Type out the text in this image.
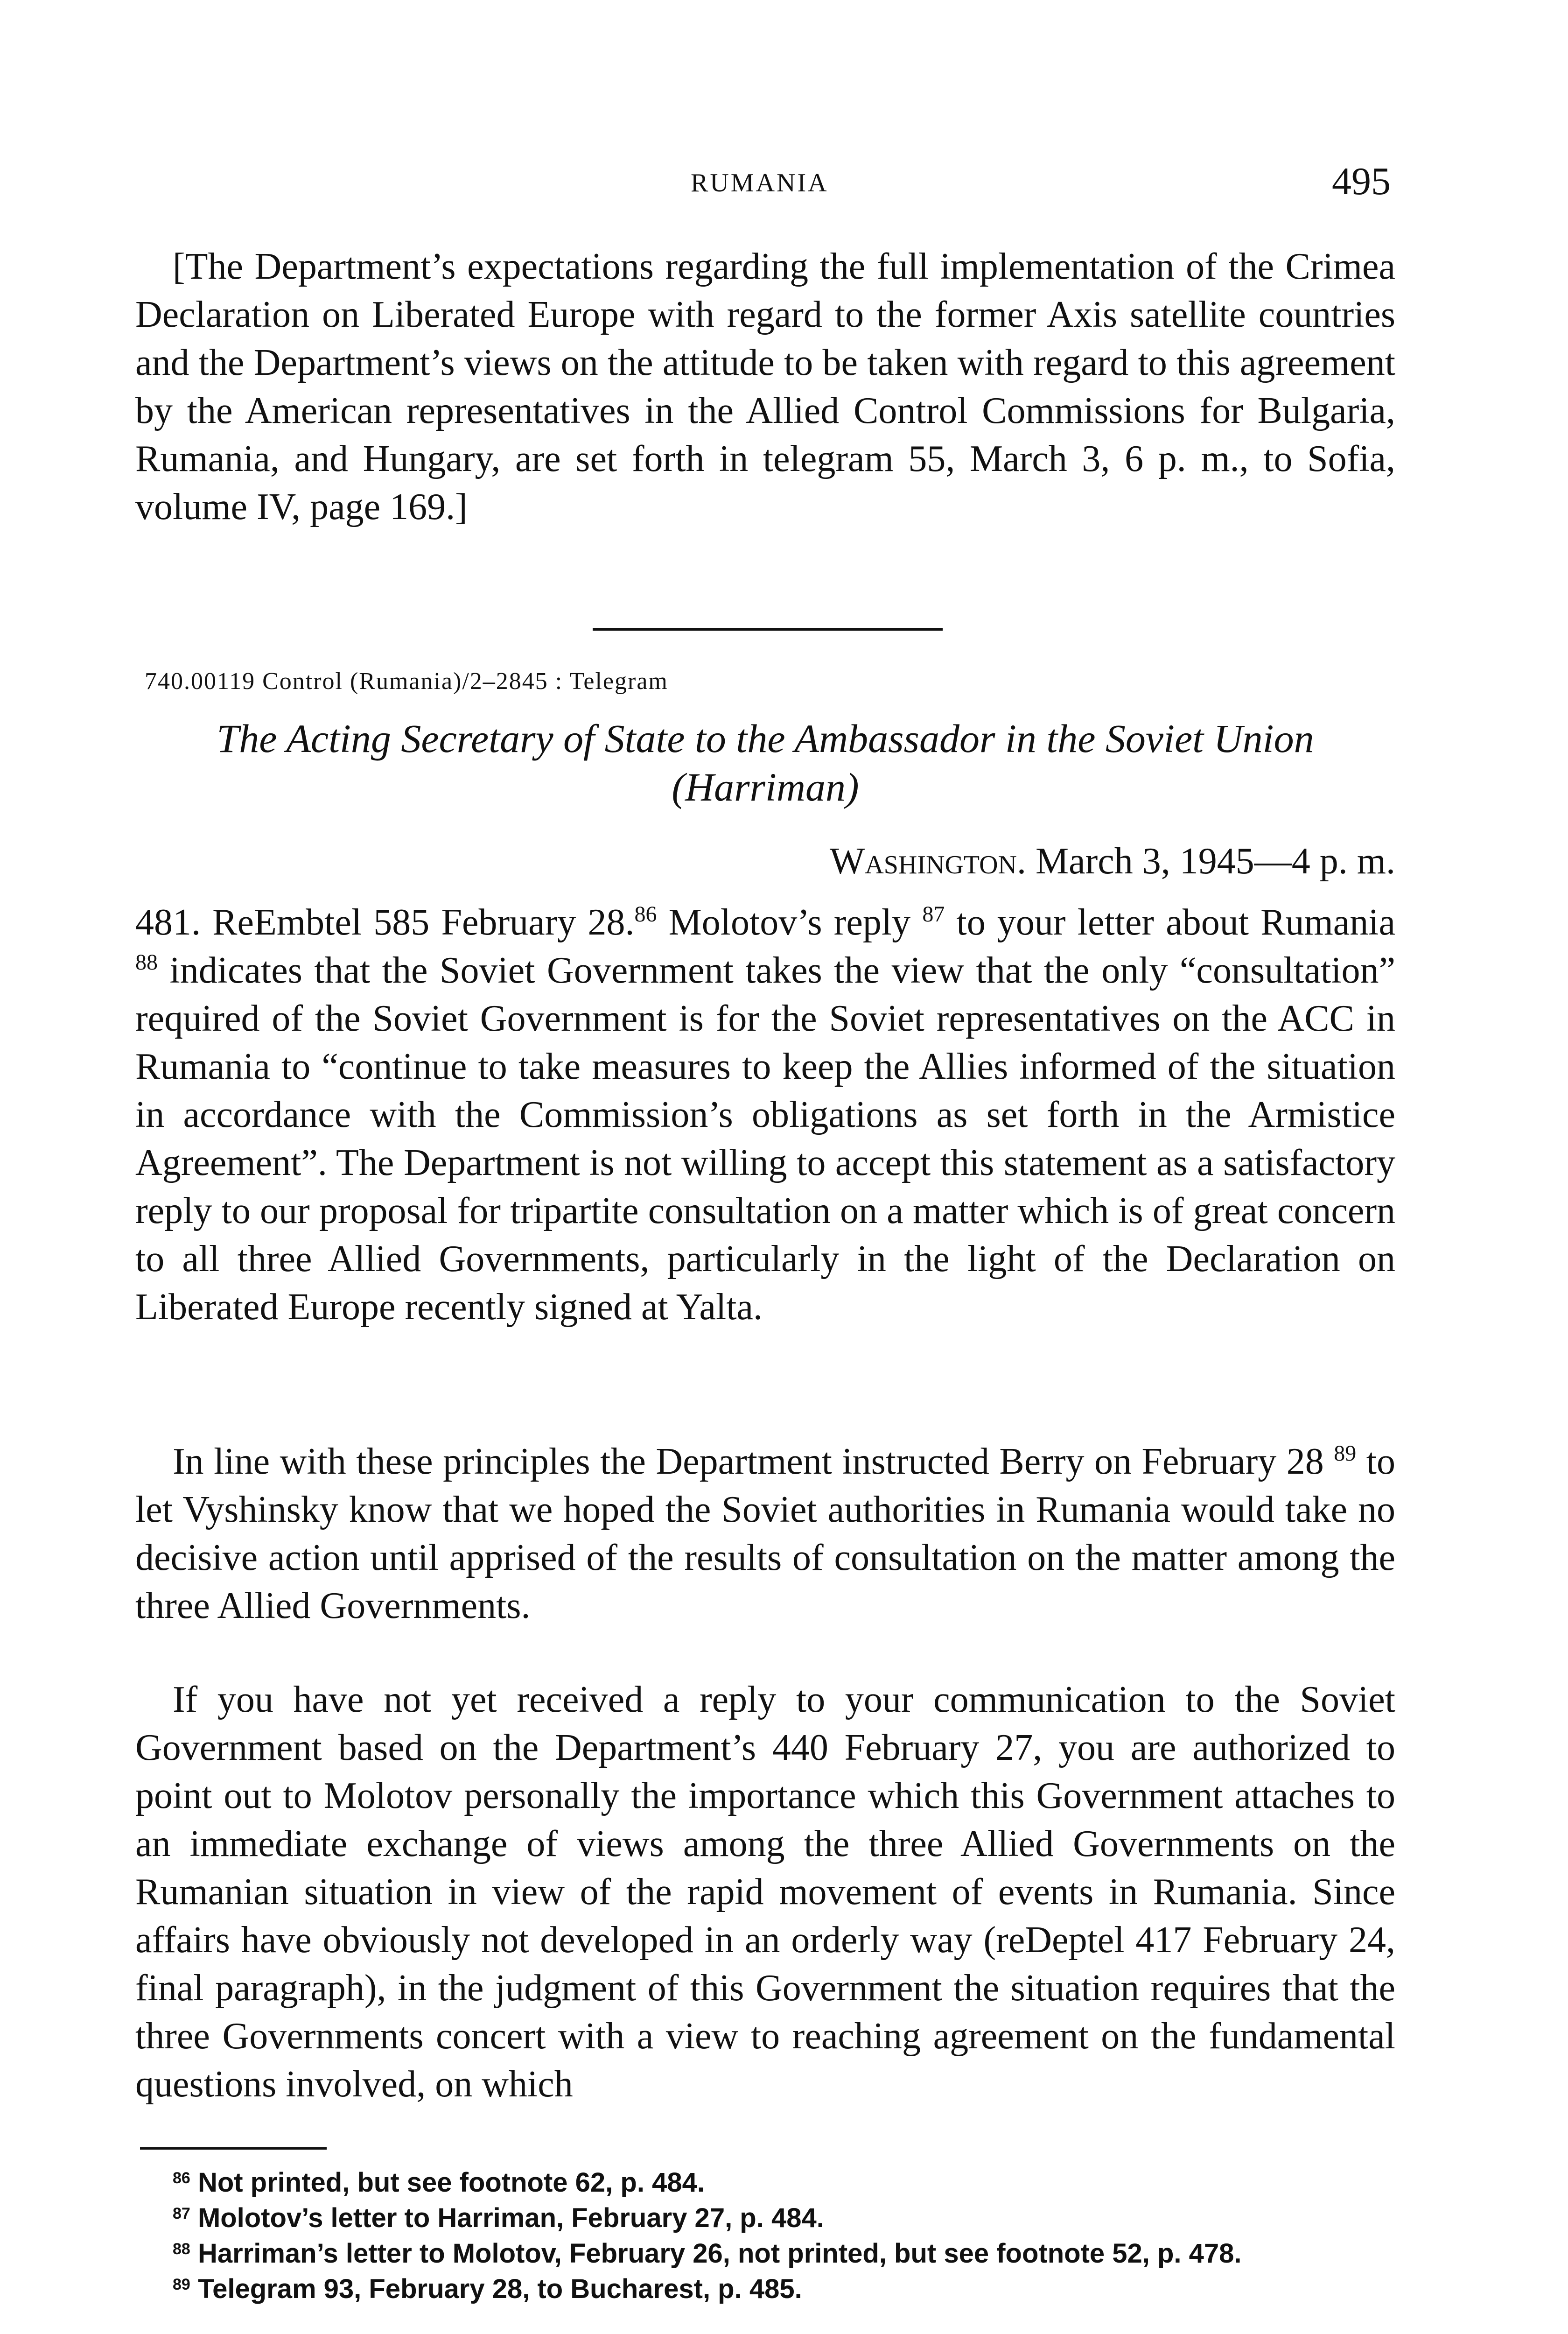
RUMANIA	495

[The Department’s expectations regarding the full implementation of the Crimea Declaration on Liberated Europe with regard to the former Axis satellite countries and the Department’s views on the attitude to be taken with regard to this agreement by the American representatives in the Allied Control Commissions for Bulgaria, Rumania, and Hungary, are set forth in telegram 55, March 3, 6 p. m., to Sofia, volume IV, page 169.]

740.00119 Control (Rumania)/2–2845 : Telegram

The Acting Secretary of State to the Ambassador in the Soviet Union
(Harriman)

Washington. March 3, 1945—4 p. m.

481. ReEmbtel 585 February 28.86 Molotov’s reply $^{87}$ to your letter about Rumania $^{88}$ indicates that the Soviet Government takes the view that the only “consultation” required of the Soviet Government is for the Soviet representatives on the ACC in Rumania to “continue to take measures to keep the Allies informed of the situation in accordance with the Commission’s obligations as set forth in the Armistice Agreement”. The Department is not willing to accept this statement as a satisfactory reply to our proposal for tripartite consultation on a matter which is of great concern to all three Allied Governments, particularly in the light of the Declaration on Liberated Europe recently signed at Yalta.

In line with these principles the Department instructed Berry on February 28 $^{89}$ to let Vyshinsky know that we hoped the Soviet authorities in Rumania would take no decisive action until apprised of the results of consultation on the matter among the three Allied Governments.

If you have not yet received a reply to your communication to the Soviet Government based on the Department’s 440 February 27, you are authorized to point out to Molotov personally the importance which this Government attaches to an immediate exchange of views among the three Allied Governments on the Rumanian situation in view of the rapid movement of events in Rumania. Since affairs have obviously not developed in an orderly way (reDeptel 417 February 24, final paragraph), in the judgment of this Government the situation requires that the three Governments concert with a view to reaching agreement on the fundamental questions involved, on which

$^{86}$ Not printed, but see footnote 62, p. 484.

$^{87}$ Molotov’s letter to Harriman, February 27, p. 484.

$^{88}$ Harriman’s letter to Molotov, February 26, not printed, but see footnote 52, p. 478.

$^{89}$ Telegram 93, February 28, to Bucharest, p. 485.
